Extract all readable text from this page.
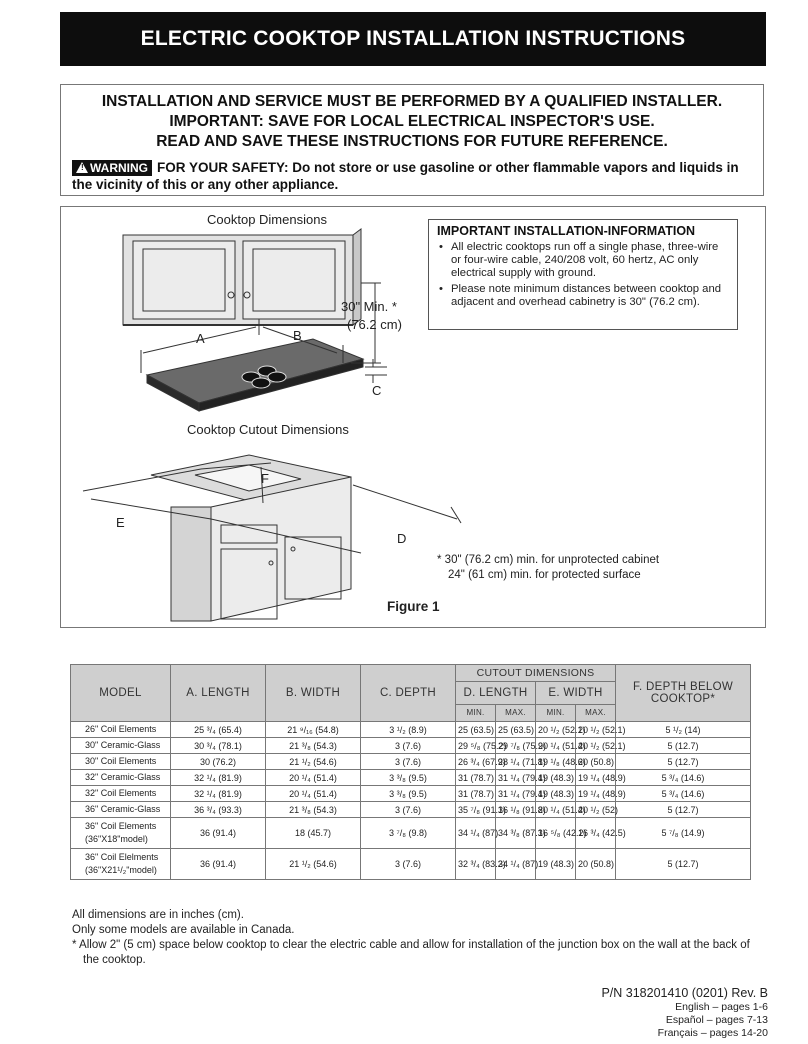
ELECTRIC COOKTOP INSTALLATION INSTRUCTIONS
INSTALLATION AND SERVICE MUST BE PERFORMED BY A QUALIFIED INSTALLER.
IMPORTANT: SAVE FOR LOCAL ELECTRICAL INSPECTOR'S USE.
READ AND SAVE THESE INSTRUCTIONS FOR FUTURE REFERENCE.
! WARNING FOR YOUR SAFETY: Do not store or use gasoline or other flammable vapors and liquids in the vicinity of this or any other appliance.
Cooktop Dimensions
30" Min. *
(76.2 cm)
A	B
C
Cooktop Cutout Dimensions
F
E
D
Figure 1
IMPORTANT INSTALLATION-INFORMATION
• All electric cooktops run off a single phase, three-wire or four-wire cable, 240/208 volt, 60 hertz, AC only electrical supply with ground.
• Please note minimum distances between cooktop and adjacent and overhead cabinetry is 30" (76.2 cm).
* 30" (76.2 cm) min. for unprotected cabinet
24" (61 cm) min. for protected surface
MODEL	A. LENGTH	B. WIDTH	C. DEPTH	CUTOUT DIMENSIONS				F. DEPTH BELOW
COOKTOP*

				D. LENGTH		E. WIDTH		
				MIN.	MAX.	MIN.	MAX.	
26" Coil Elements	25 ³/₄ (65.4)	21 ⁹/₁₆ (54.8)	3 ¹/₂ (8.9)	25 (63.5)	25 (63.5)	20 ¹/₂ (52.1)	20 ¹/₂ (52.1)	5 ¹/₂ (14)
30" Ceramic-Glass	30 ³/₄ (78.1)	21 ³/₈ (54.3)	3 (7.6)	29 ⁵/₈ (75.2)	29 ⁷/₈ (75.9)	20 ¹/₄ (51.4)	20 ¹/₂ (52.1)	5 (12.7)
30" Coil Elements	30 (76.2)	21 ¹/₂ (54.6)	3 (7.6)	26 ³/₄ (67.9)	28 ¹/₄ (71.8)	19 ¹/₈ (48.6)	20 (50.8)	5 (12.7)
32" Ceramic-Glass	32 ¹/₄ (81.9)	20 ¹/₄ (51.4)	3 ³/₈ (9.5)	31 (78.7)	31 ¹/₄ (79.4)	19 (48.3)	19 ¹/₄ (48.9)	5 ³/₄ (14.6)
32" Coil Elements	32 ¹/₄ (81.9)	20 ¹/₄ (51.4)	3 ³/₈ (9.5)	31 (78.7)	31 ¹/₄ (79.4)	19 (48.3)	19 ¹/₄ (48.9)	5 ³/₄ (14.6)
36" Ceramic-Glass	36 ³/₄ (93.3)	21 ³/₈ (54.3)	3 (7.6)	35 ⁷/₈ (91.1)	36 ¹/₈ (91.8)	20 ¹/₄ (51.4)	20 ¹/₂ (52)	5 (12.7)
36" Coil Elements (36"X18"model)	36 (91.4)	18 (45.7)	3 ⁷/₈ (9.8)	34 ¹/₄ (87)	34 ³/₈ (87.3)	16 ⁵/₈ (42.2)	16 ³/₄ (42.5)	5 ⁷/₈ (14.9)
36" Coil Elelments (36"X21¹/₂"model)	36 (91.4)	21 ¹/₂ (54.6)	3 (7.6)	32 ³/₄ (83.2)	34 ¹/₄ (87)	19 (48.3)	20 (50.8)	5 (12.7)
All dimensions are in inches (cm).
Only some models are available in Canada.
* Allow 2" (5 cm) space below cooktop to clear the electric cable and allow for installation of the junction box on the wall at the back of the cooktop.
P/N 318201410 (0201) Rev. B
English – pages 1-6
Español – pages 7-13
Français – pages 14-20
